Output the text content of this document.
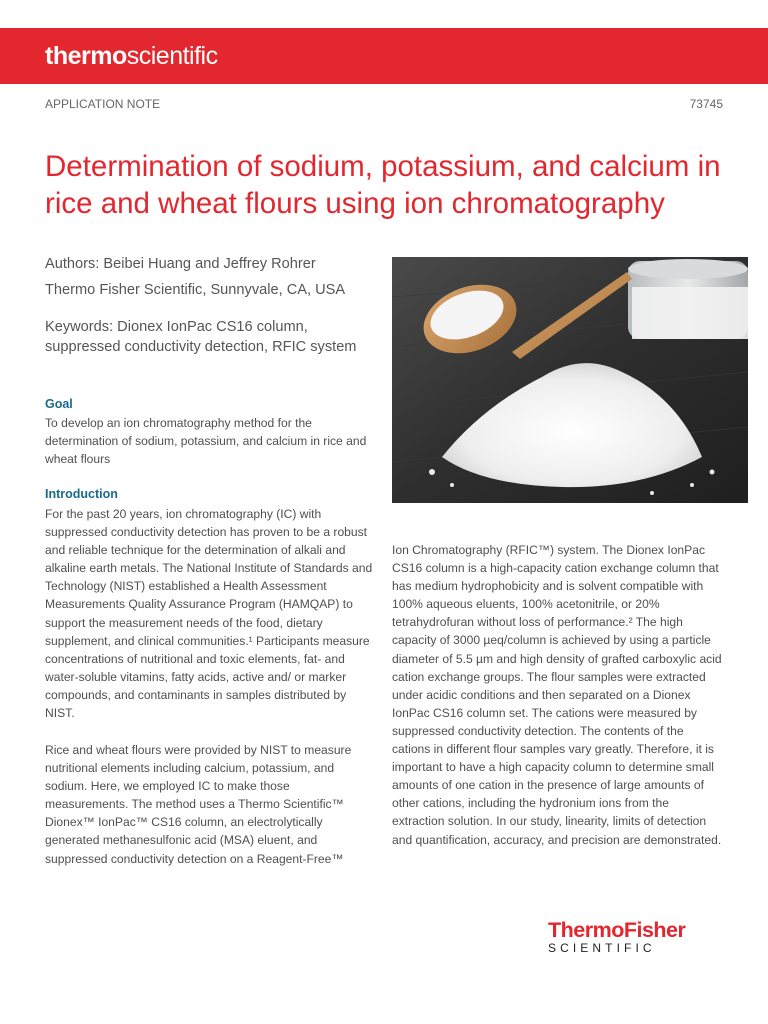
thermoscientific
APPLICATION NOTE	73745
Determination of sodium, potassium, and calcium in rice and wheat flours using ion chromatography
Authors: Beibei Huang and Jeffrey Rohrer
Thermo Fisher Scientific, Sunnyvale, CA, USA
Keywords: Dionex IonPac CS16 column, suppressed conductivity detection, RFIC system
Goal
To develop an ion chromatography method for the determination of sodium, potassium, and calcium in rice and wheat flours
Introduction
For the past 20 years, ion chromatography (IC) with suppressed conductivity detection has proven to be a robust and reliable technique for the determination of alkali and alkaline earth metals. The National Institute of Standards and Technology (NIST) established a Health Assessment Measurements Quality Assurance Program (HAMQAP) to support the measurement needs of the food, dietary supplement, and clinical communities.¹ Participants measure concentrations of nutritional and toxic elements, fat- and water-soluble vitamins, fatty acids, active and/ or marker compounds, and contaminants in samples distributed by NIST.
Rice and wheat flours were provided by NIST to measure nutritional elements including calcium, potassium, and sodium. Here, we employed IC to make those measurements. The method uses a Thermo Scientific™ Dionex™ IonPac™ CS16 column, an electrolytically generated methanesulfonic acid (MSA) eluent, and suppressed conductivity detection on a Reagent-Free™
Ion Chromatography (RFIC™) system. The Dionex IonPac CS16 column is a high-capacity cation exchange column that has medium hydrophobicity and is solvent compatible with 100% aqueous eluents, 100% acetonitrile, or 20% tetrahydrofuran without loss of performance.² The high capacity of 3000 µeq/column is achieved by using a particle diameter of 5.5 µm and high density of grafted carboxylic acid cation exchange groups. The flour samples were extracted under acidic conditions and then separated on a Dionex IonPac CS16 column set. The cations were measured by suppressed conductivity detection. The contents of the cations in different flour samples vary greatly. Therefore, it is important to have a high capacity column to determine small amounts of one cation in the presence of large amounts of other cations, including the hydronium ions from the extraction solution. In our study, linearity, limits of detection and quantification, accuracy, and precision are demonstrated.
ThermoFisher
SCIENTIFIC
